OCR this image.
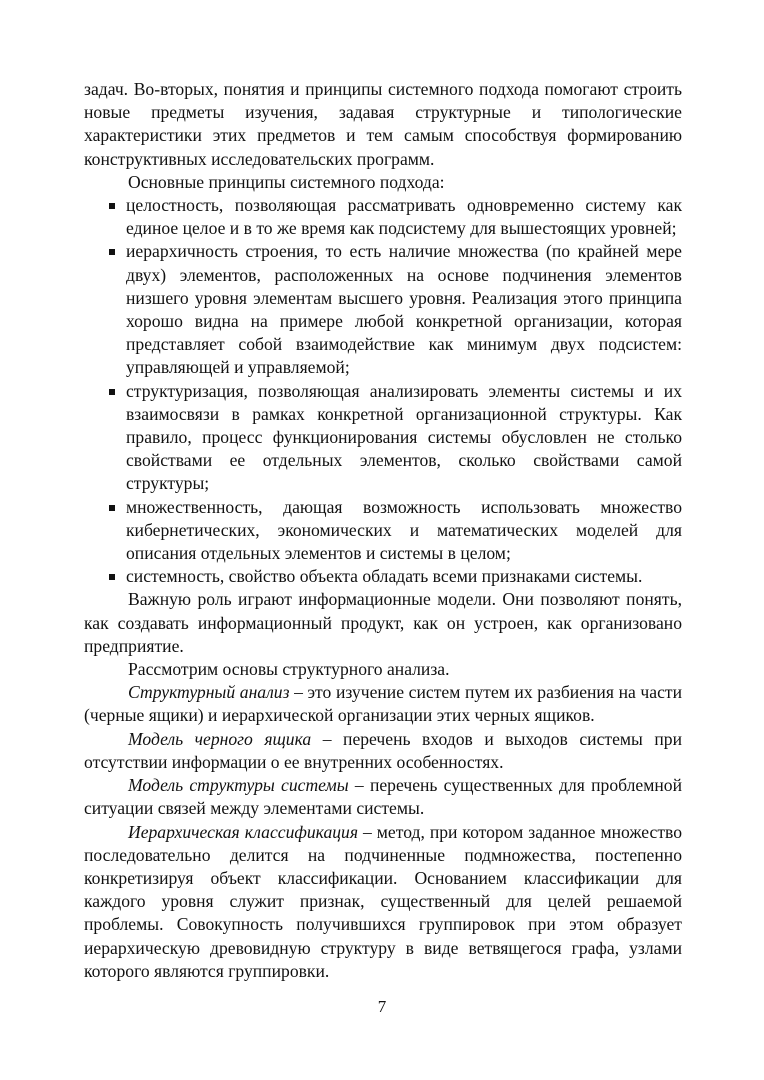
задач. Во-вторых, понятия и принципы системного подхода помогают строить новые предметы изучения, задавая структурные и типологические характеристики этих предметов и тем самым способствуя формированию конструктивных исследовательских программ.

Основные принципы системного подхода:

целостность, позволяющая рассматривать одновременно систему как единое целое и в то же время как подсистему для вышестоящих уровней;
иерархичность строения, то есть наличие множества (по крайней мере двух) элементов, расположенных на основе подчинения элементов низшего уровня элементам высшего уровня. Реализация этого принципа хорошо видна на примере любой конкретной организации, которая представляет собой взаимодействие как минимум двух подсистем: управляющей и управляемой;
структуризация, позволяющая анализировать элементы системы и их взаимосвязи в рамках конкретной организационной структуры. Как правило, процесс функционирования системы обусловлен не столько свойствами ее отдельных элементов, сколько свойствами самой структуры;
множественность, дающая возможность использовать множество кибернетических, экономических и математических моделей для описания отдельных элементов и системы в целом;
системность, свойство объекта обладать всеми признаками системы.

Важную роль играют информационные модели. Они позволяют понять, как создавать информационный продукт, как он устроен, как организовано предприятие.

Рассмотрим основы структурного анализа.

Структурный анализ – это изучение систем путем их разбиения на части (черные ящики) и иерархической организации этих черных ящиков.

Модель черного ящика – перечень входов и выходов системы при отсутствии информации о ее внутренних особенностях.

Модель структуры системы – перечень существенных для проблемной ситуации связей между элементами системы.

Иерархическая классификация – метод, при котором заданное множество последовательно делится на подчиненные подмножества, постепенно конкретизируя объект классификации. Основанием классификации для каждого уровня служит признак, существенный для целей решаемой проблемы. Совокупность получившихся группировок при этом образует иерархическую древовидную структуру в виде ветвящегося графа, узлами которого являются группировки.

7
